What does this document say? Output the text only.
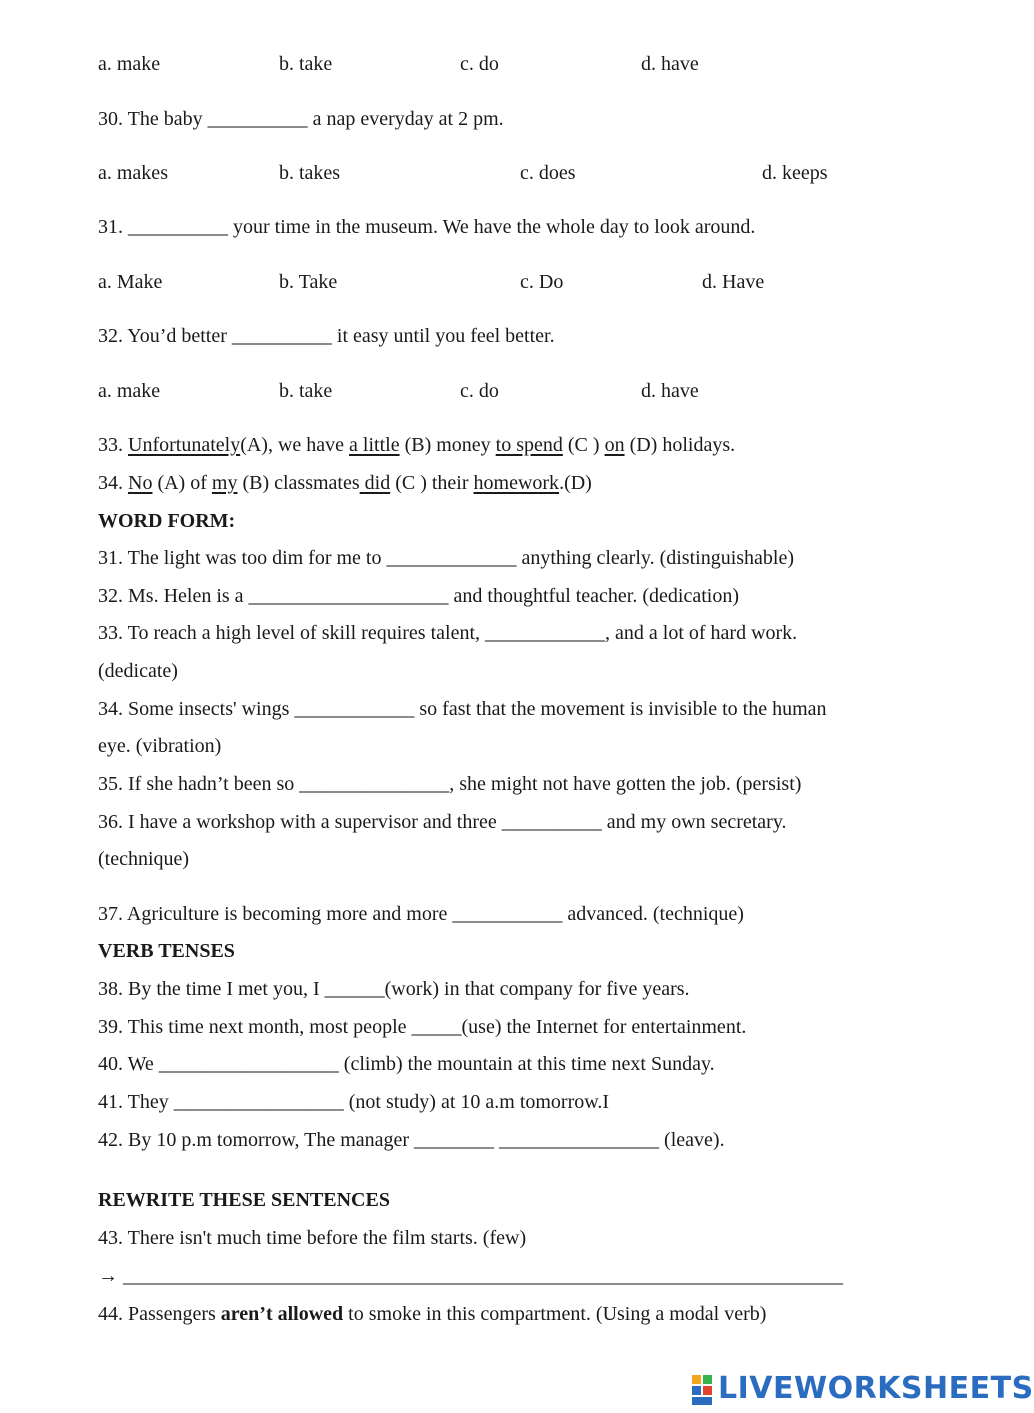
a. make	b. take	c. do	d. have
30. The baby __________ a nap everyday at 2 pm.
a. makes	b. takes	c. does	d. keeps
31. __________ your time in the museum. We have the whole day to look around.
a. Make	b. Take	c. Do	d. Have
32. You’d better __________ it easy until you feel better.
a. make	b. take	c. do	d. have
33. Unfortunately(A), we have a little (B) money to spend (C ) on (D) holidays.
34. No (A) of my (B) classmates did (C ) their homework.(D)
WORD FORM:
31. The light was too dim for me to _____________ anything clearly. (distinguishable)
32. Ms. Helen is a ____________________ and thoughtful teacher. (dedication)
33. To reach a high level of skill requires talent, ____________, and a lot of hard work.
(dedicate)
34. Some insects' wings ____________ so fast that the movement is invisible to the human
eye. (vibration)
35. If she hadn’t been so _______________, she might not have gotten the job. (persist)
36. I have a workshop with a supervisor and three __________ and my own secretary.
(technique)
37. Agriculture is becoming more and more ___________ advanced. (technique)
VERB TENSES
38. By the time I met you, I ______(work) in that company for five years.
39. This time next month, most people _____(use) the Internet for entertainment.
40. We __________________ (climb) the mountain at this time next Sunday.
41. They _________________ (not study) at 10 a.m tomorrow.I
42. By 10 p.m tomorrow, The manager ________ ________________ (leave).
REWRITE THESE SENTENCES
43. There isn't much time before the film starts. (few)
→ ________________________________________________________________________
44. Passengers aren’t allowed to smoke in this compartment. (Using a modal verb)
LIVEWORKSHEETS
